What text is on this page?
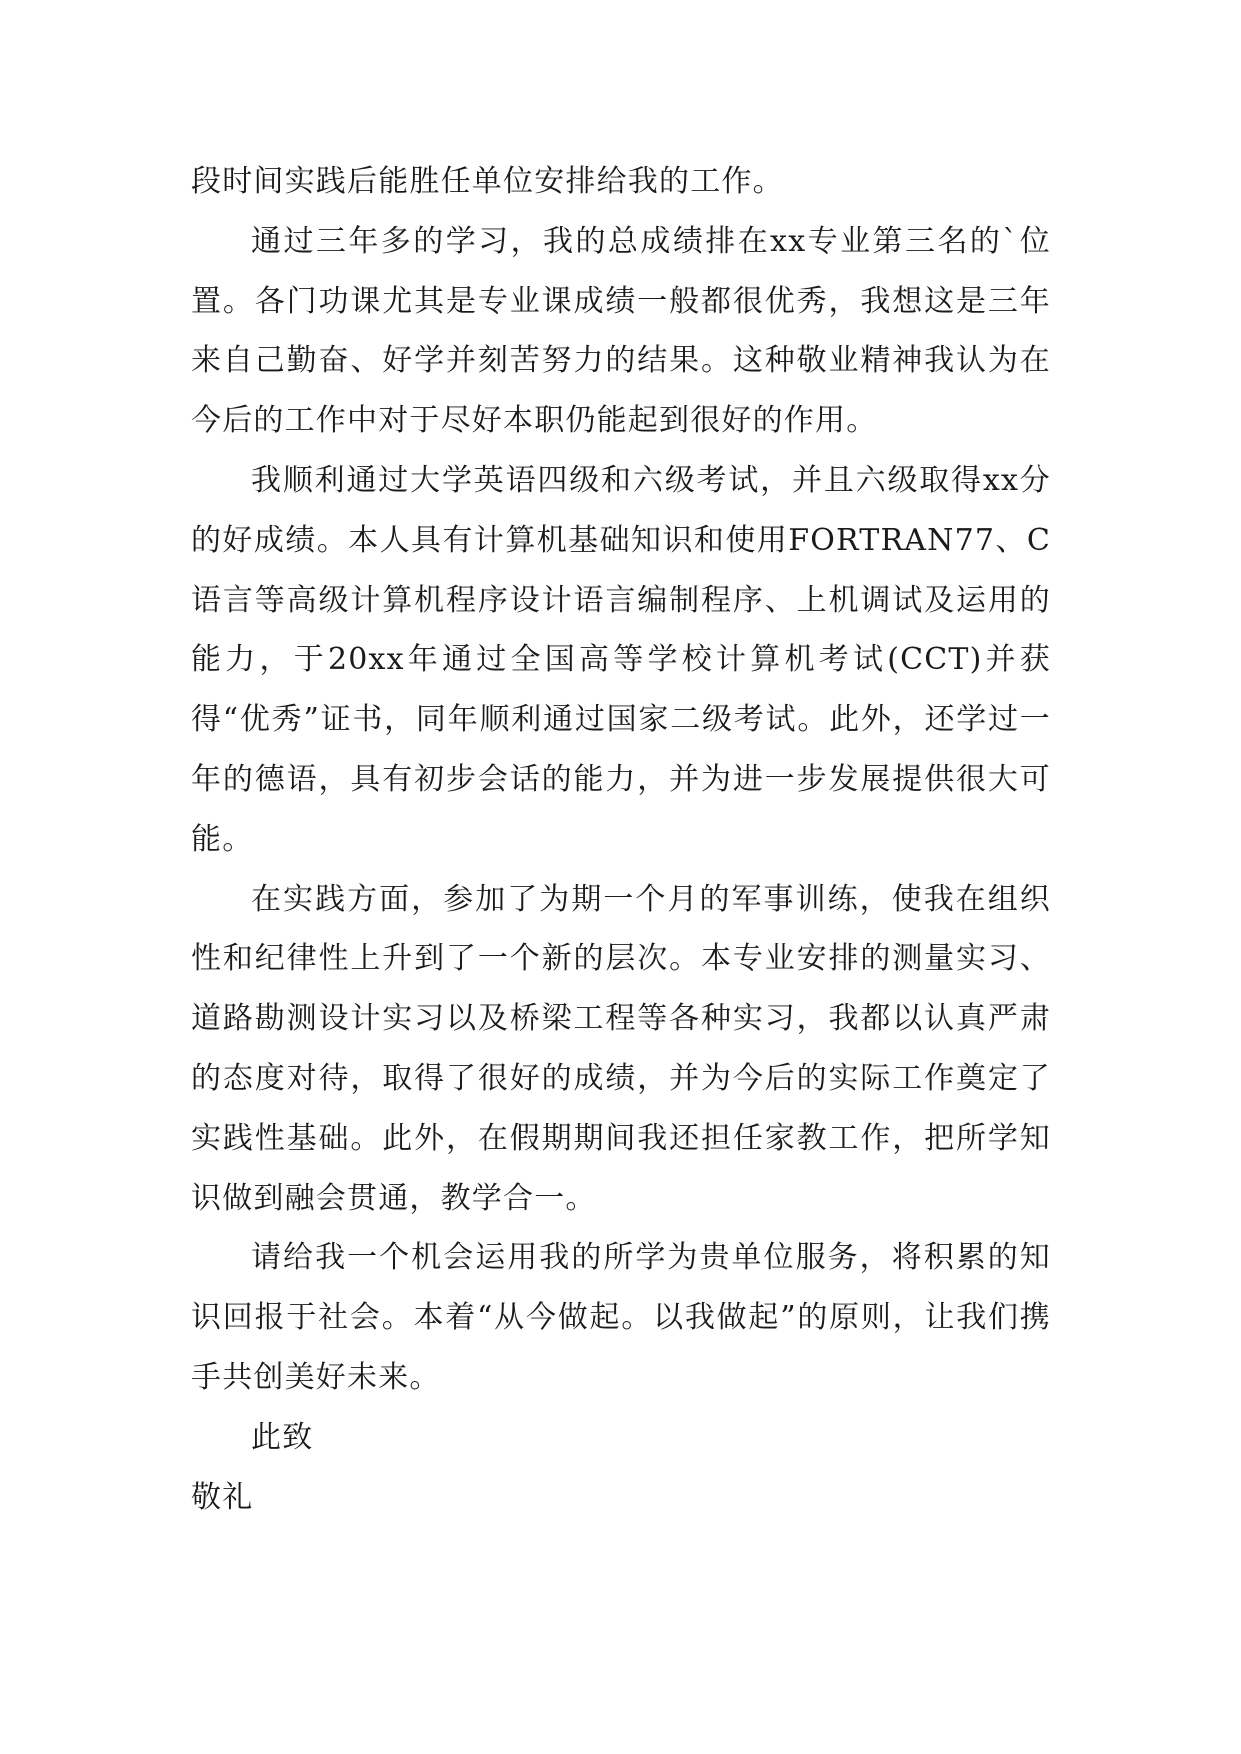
段时间实践后能胜任单位安排给我的工作。

通过三年多的学习，我的总成绩排在xx专业第三名的`位置。各门功课尤其是专业课成绩一般都很优秀，我想这是三年来自己勤奋、好学并刻苦努力的结果。这种敬业精神我认为在今后的工作中对于尽好本职仍能起到很好的作用。

我顺利通过大学英语四级和六级考试，并且六级取得xx分的好成绩。本人具有计算机基础知识和使用FORTRAN77、C语言等高级计算机程序设计语言编制程序、上机调试及运用的能力，于20xx年通过全国高等学校计算机考试(CCT)并获得“优秀”证书，同年顺利通过国家二级考试。此外，还学过一年的德语，具有初步会话的能力，并为进一步发展提供很大可能。

在实践方面，参加了为期一个月的军事训练，使我在组织性和纪律性上升到了一个新的层次。本专业安排的测量实习、道路勘测设计实习以及桥梁工程等各种实习，我都以认真严肃的态度对待，取得了很好的成绩，并为今后的实际工作奠定了实践性基础。此外，在假期期间我还担任家教工作，把所学知识做到融会贯通，教学合一。

请给我一个机会运用我的所学为贵单位服务，将积累的知识回报于社会。本着“从今做起。以我做起”的原则，让我们携手共创美好未来。

此致

敬礼
